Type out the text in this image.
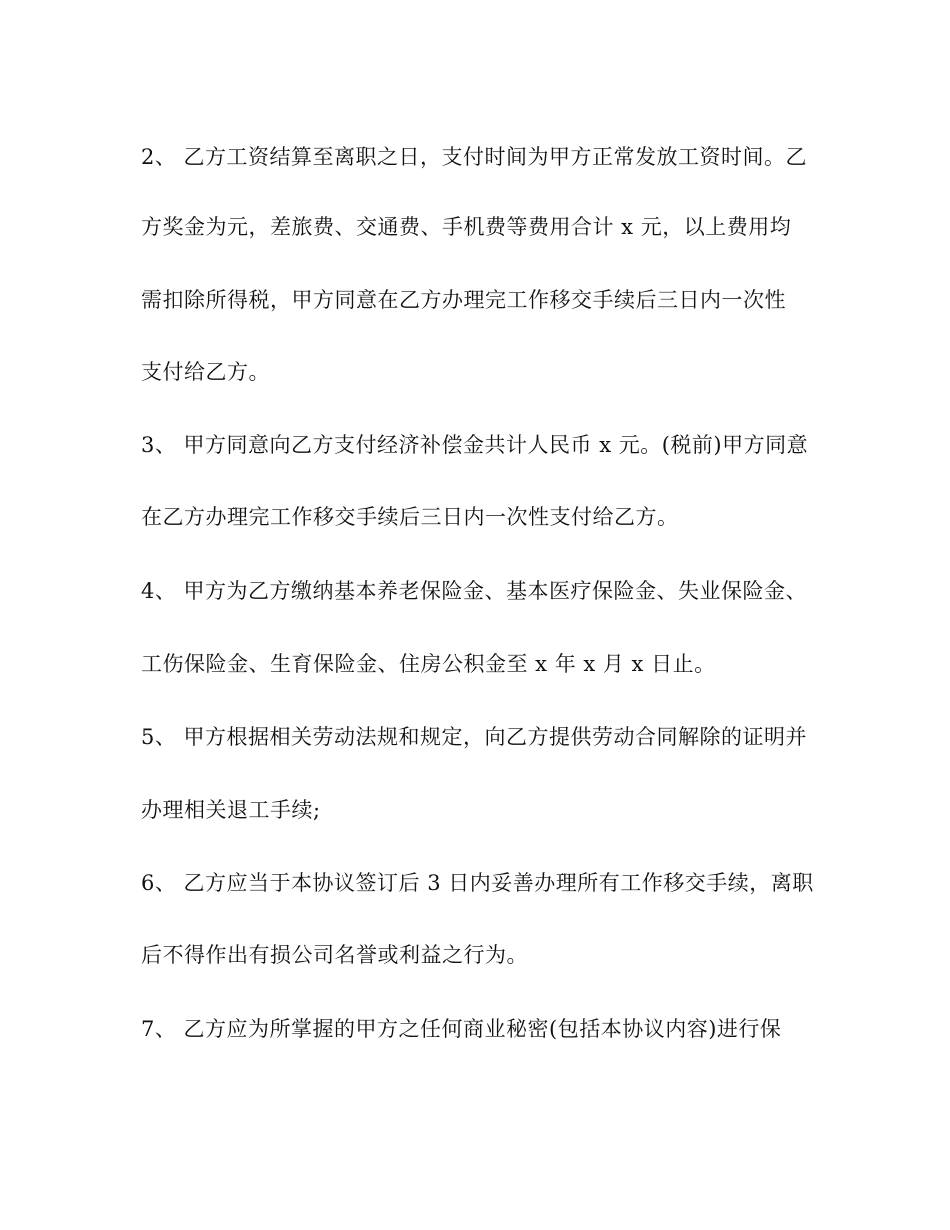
2、 乙方工资结算至离职之日，支付时间为甲方正常发放工资时间。乙
方奖金为元，差旅费、交通费、手机费等费用合计 x 元，以上费用均
需扣除所得税，甲方同意在乙方办理完工作移交手续后三日内一次性
支付给乙方。
3、 甲方同意向乙方支付经济补偿金共计人民币 x 元。(税前)甲方同意
在乙方办理完工作移交手续后三日内一次性支付给乙方。
4、 甲方为乙方缴纳基本养老保险金、基本医疗保险金、失业保险金、
工伤保险金、生育保险金、住房公积金至 x 年 x 月 x 日止。
5、 甲方根据相关劳动法规和规定，向乙方提供劳动合同解除的证明并
办理相关退工手续;
6、 乙方应当于本协议签订后 3 日内妥善办理所有工作移交手续，离职
后不得作出有损公司名誉或利益之行为。
7、 乙方应为所掌握的甲方之任何商业秘密(包括本协议内容)进行保
